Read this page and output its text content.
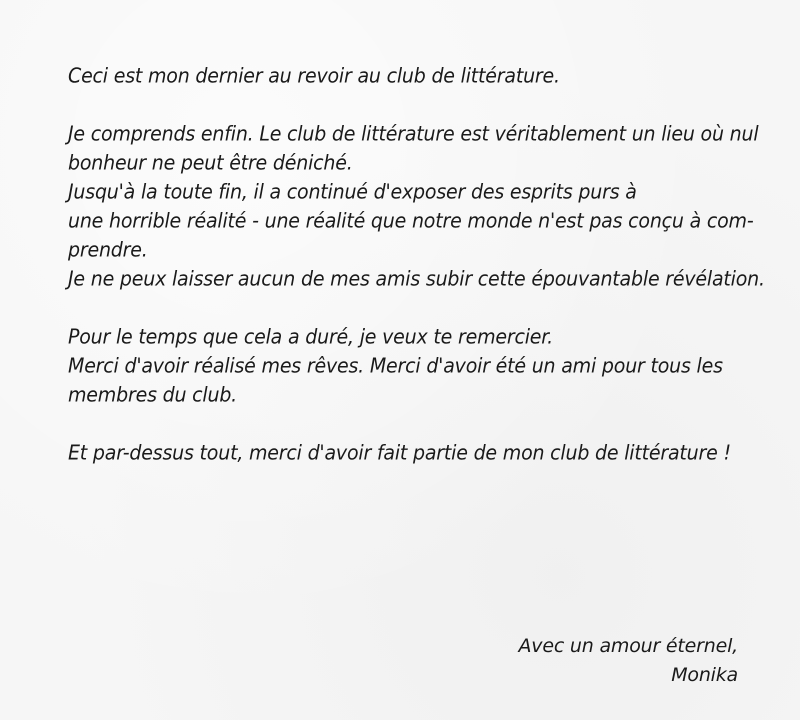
Ceci est mon dernier au revoir au club de littérature.
Je comprends enfin. Le club de littérature est véritablement un lieu où nul
bonheur ne peut être déniché.
Jusqu'à la toute fin, il a continué d'exposer des esprits purs à
une horrible réalité - une réalité que notre monde n'est pas conçu à com-
prendre.
Je ne peux laisser aucun de mes amis subir cette épouvantable révélation.
Pour le temps que cela a duré, je veux te remercier.
Merci d'avoir réalisé mes rêves. Merci d'avoir été un ami pour tous les
membres du club.
Et par-dessus tout, merci d'avoir fait partie de mon club de littérature !
Avec un amour éternel,
Monika
